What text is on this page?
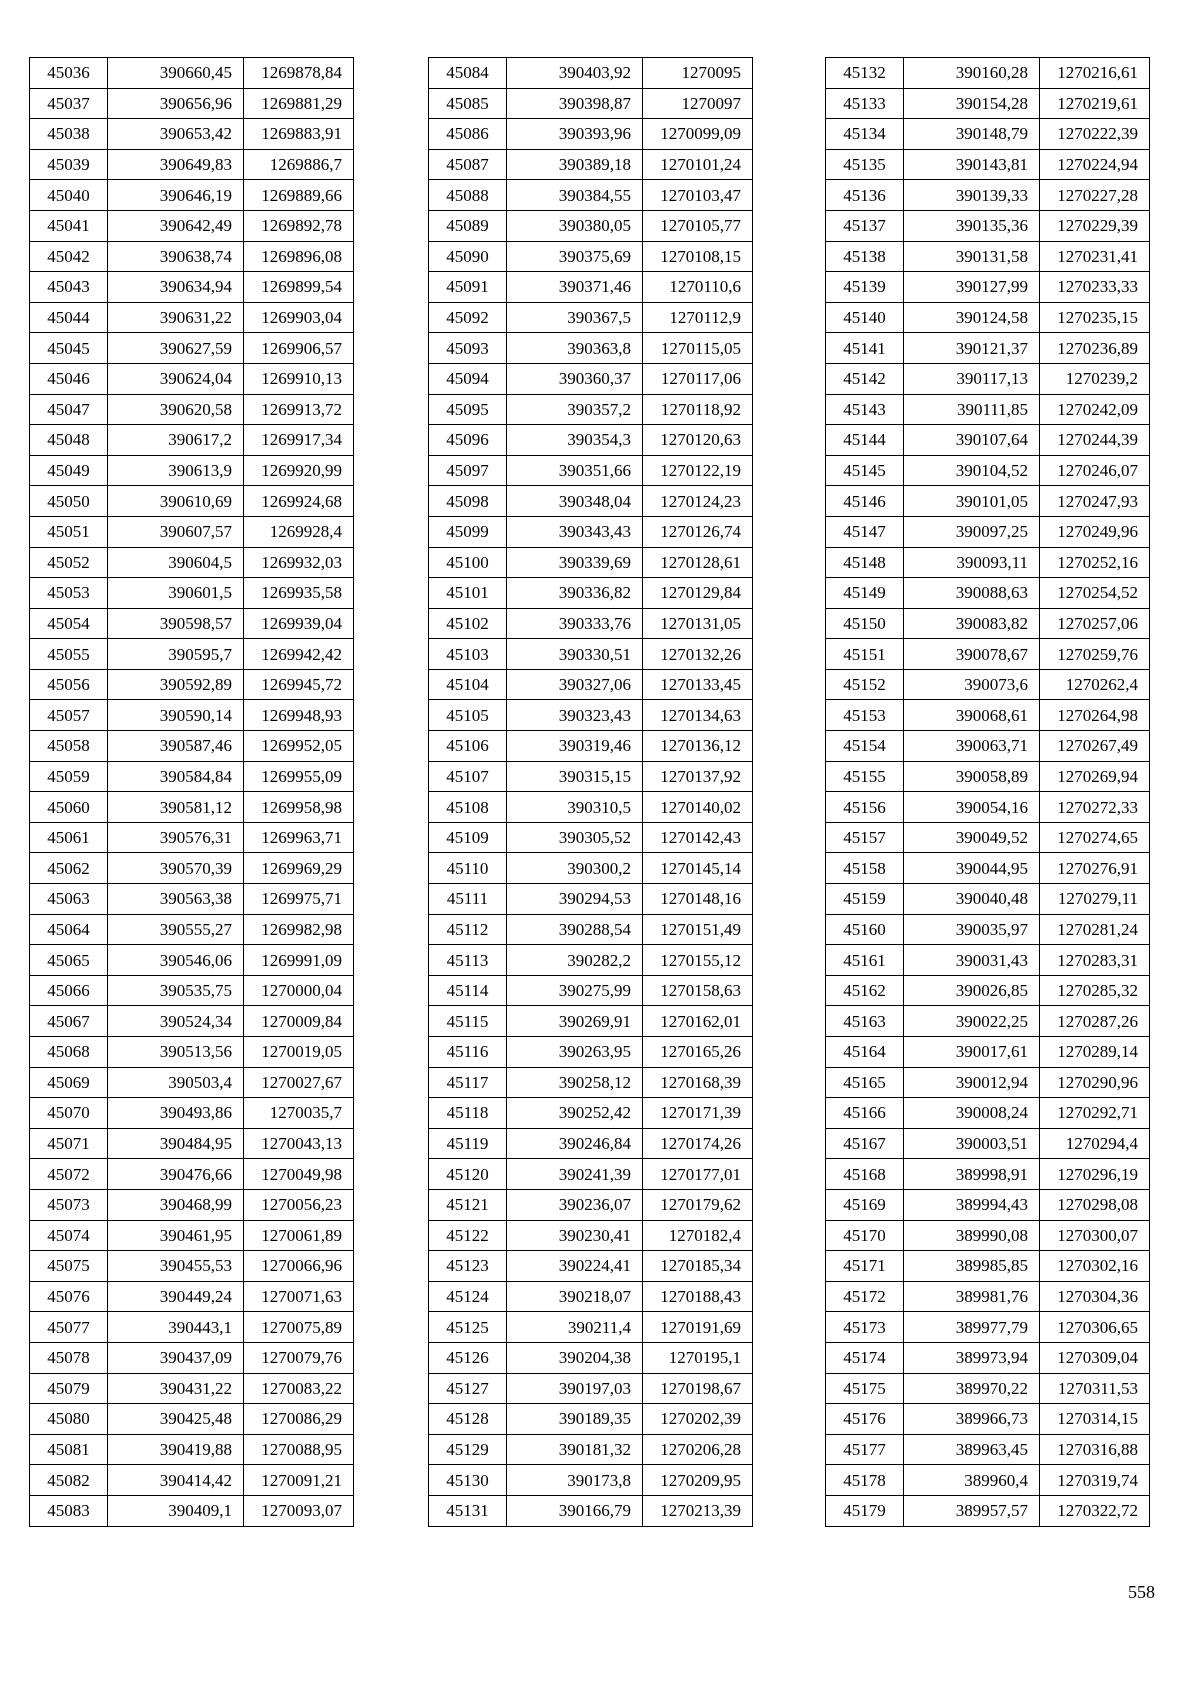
45036	390660,45	1269878,84
45037	390656,96	1269881,29
45038	390653,42	1269883,91
45039	390649,83	1269886,7
45040	390646,19	1269889,66
45041	390642,49	1269892,78
45042	390638,74	1269896,08
45043	390634,94	1269899,54
45044	390631,22	1269903,04
45045	390627,59	1269906,57
45046	390624,04	1269910,13
45047	390620,58	1269913,72
45048	390617,2	1269917,34
45049	390613,9	1269920,99
45050	390610,69	1269924,68
45051	390607,57	1269928,4
45052	390604,5	1269932,03
45053	390601,5	1269935,58
45054	390598,57	1269939,04
45055	390595,7	1269942,42
45056	390592,89	1269945,72
45057	390590,14	1269948,93
45058	390587,46	1269952,05
45059	390584,84	1269955,09
45060	390581,12	1269958,98
45061	390576,31	1269963,71
45062	390570,39	1269969,29
45063	390563,38	1269975,71
45064	390555,27	1269982,98
45065	390546,06	1269991,09
45066	390535,75	1270000,04
45067	390524,34	1270009,84
45068	390513,56	1270019,05
45069	390503,4	1270027,67
45070	390493,86	1270035,7
45071	390484,95	1270043,13
45072	390476,66	1270049,98
45073	390468,99	1270056,23
45074	390461,95	1270061,89
45075	390455,53	1270066,96
45076	390449,24	1270071,63
45077	390443,1	1270075,89
45078	390437,09	1270079,76
45079	390431,22	1270083,22
45080	390425,48	1270086,29
45081	390419,88	1270088,95
45082	390414,42	1270091,21
45083	390409,1	1270093,07
45084	390403,92	1270095
45085	390398,87	1270097
45086	390393,96	1270099,09
45087	390389,18	1270101,24
45088	390384,55	1270103,47
45089	390380,05	1270105,77
45090	390375,69	1270108,15
45091	390371,46	1270110,6
45092	390367,5	1270112,9
45093	390363,8	1270115,05
45094	390360,37	1270117,06
45095	390357,2	1270118,92
45096	390354,3	1270120,63
45097	390351,66	1270122,19
45098	390348,04	1270124,23
45099	390343,43	1270126,74
45100	390339,69	1270128,61
45101	390336,82	1270129,84
45102	390333,76	1270131,05
45103	390330,51	1270132,26
45104	390327,06	1270133,45
45105	390323,43	1270134,63
45106	390319,46	1270136,12
45107	390315,15	1270137,92
45108	390310,5	1270140,02
45109	390305,52	1270142,43
45110	390300,2	1270145,14
45111	390294,53	1270148,16
45112	390288,54	1270151,49
45113	390282,2	1270155,12
45114	390275,99	1270158,63
45115	390269,91	1270162,01
45116	390263,95	1270165,26
45117	390258,12	1270168,39
45118	390252,42	1270171,39
45119	390246,84	1270174,26
45120	390241,39	1270177,01
45121	390236,07	1270179,62
45122	390230,41	1270182,4
45123	390224,41	1270185,34
45124	390218,07	1270188,43
45125	390211,4	1270191,69
45126	390204,38	1270195,1
45127	390197,03	1270198,67
45128	390189,35	1270202,39
45129	390181,32	1270206,28
45130	390173,8	1270209,95
45131	390166,79	1270213,39
45132	390160,28	1270216,61
45133	390154,28	1270219,61
45134	390148,79	1270222,39
45135	390143,81	1270224,94
45136	390139,33	1270227,28
45137	390135,36	1270229,39
45138	390131,58	1270231,41
45139	390127,99	1270233,33
45140	390124,58	1270235,15
45141	390121,37	1270236,89
45142	390117,13	1270239,2
45143	390111,85	1270242,09
45144	390107,64	1270244,39
45145	390104,52	1270246,07
45146	390101,05	1270247,93
45147	390097,25	1270249,96
45148	390093,11	1270252,16
45149	390088,63	1270254,52
45150	390083,82	1270257,06
45151	390078,67	1270259,76
45152	390073,6	1270262,4
45153	390068,61	1270264,98
45154	390063,71	1270267,49
45155	390058,89	1270269,94
45156	390054,16	1270272,33
45157	390049,52	1270274,65
45158	390044,95	1270276,91
45159	390040,48	1270279,11
45160	390035,97	1270281,24
45161	390031,43	1270283,31
45162	390026,85	1270285,32
45163	390022,25	1270287,26
45164	390017,61	1270289,14
45165	390012,94	1270290,96
45166	390008,24	1270292,71
45167	390003,51	1270294,4
45168	389998,91	1270296,19
45169	389994,43	1270298,08
45170	389990,08	1270300,07
45171	389985,85	1270302,16
45172	389981,76	1270304,36
45173	389977,79	1270306,65
45174	389973,94	1270309,04
45175	389970,22	1270311,53
45176	389966,73	1270314,15
45177	389963,45	1270316,88
45178	389960,4	1270319,74
45179	389957,57	1270322,72
558
